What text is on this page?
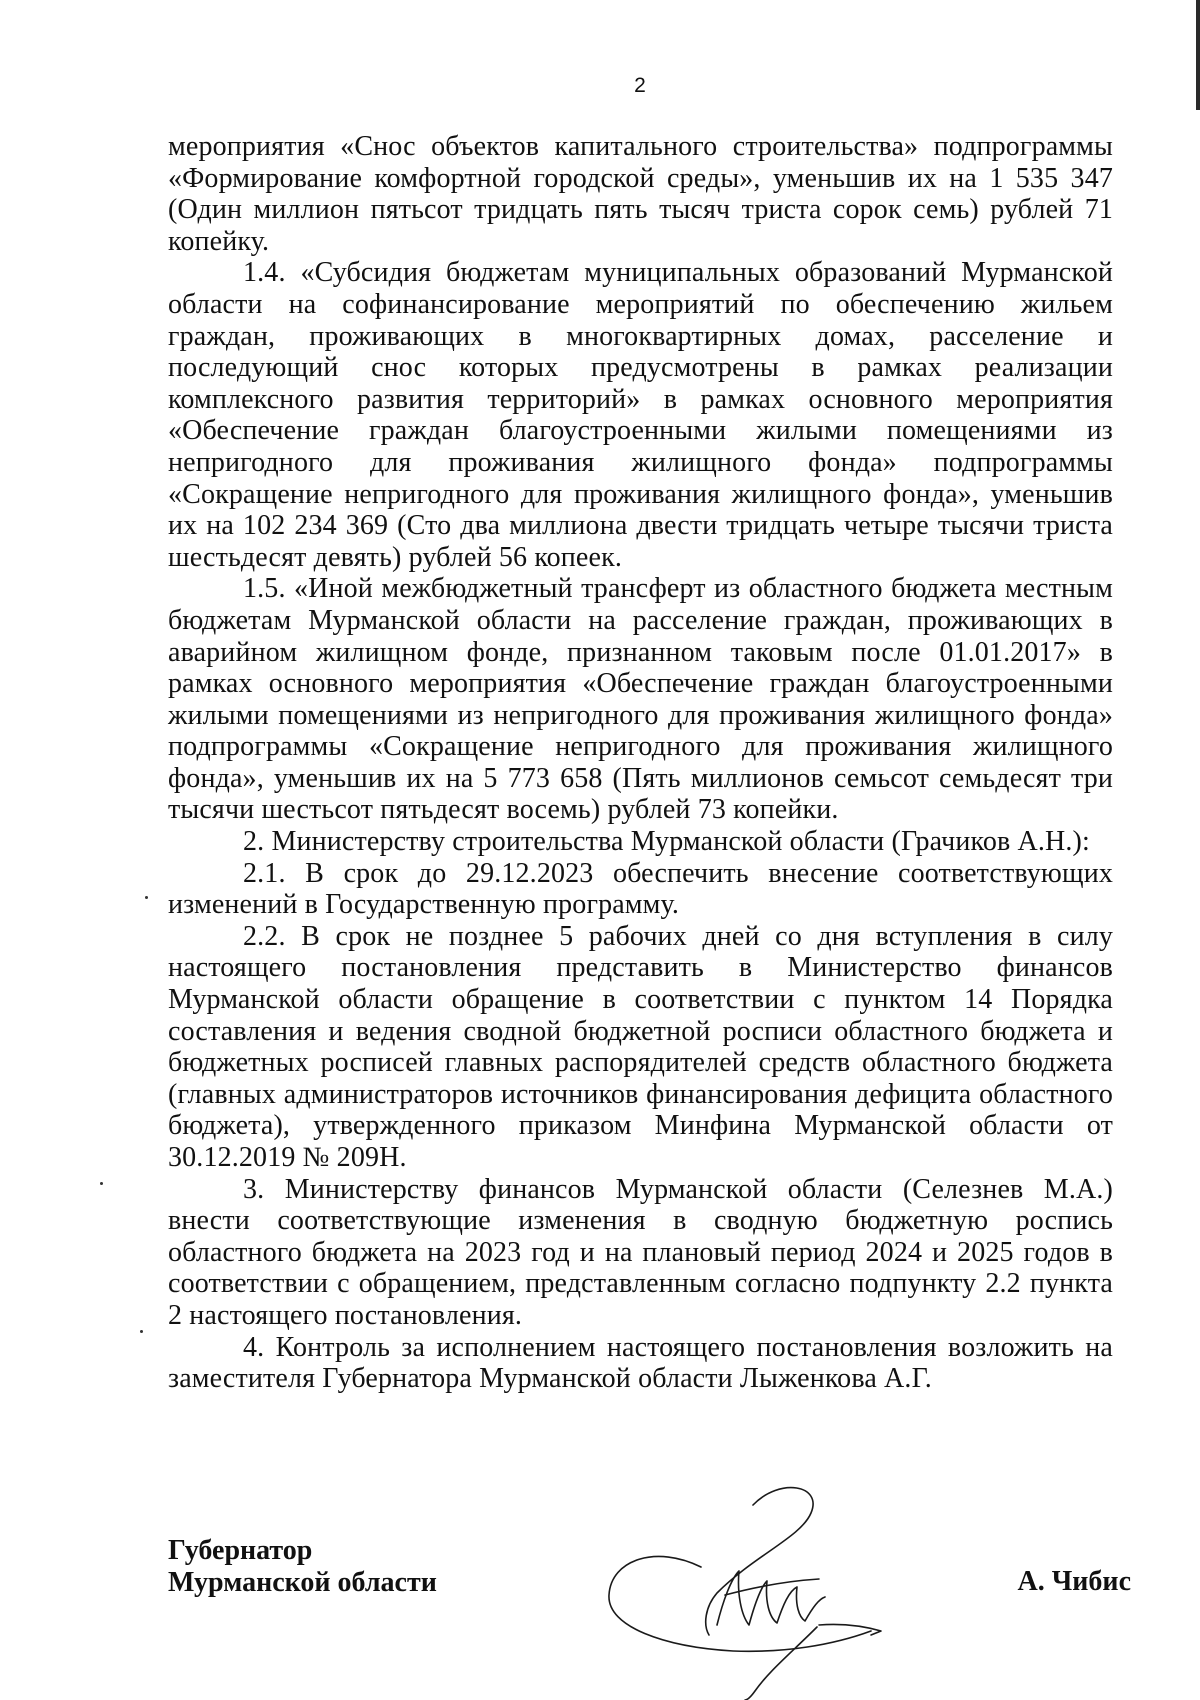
2

мероприятия «Снос объектов капитального строительства» подпрограммы «Формирование комфортной городской среды», уменьшив их на 1 535 347 (Один миллион пятьсот тридцать пять тысяч триста сорок семь) рублей 71 копейку.

1.4. «Субсидия бюджетам муниципальных образований Мурманской области на софинансирование мероприятий по обеспечению жильем граждан, проживающих в многоквартирных домах, расселение и последующий снос которых предусмотрены в рамках реализации комплексного развития территорий» в рамках основного мероприятия «Обеспечение граждан благоустроенными жилыми помещениями из непригодного для проживания жилищного фонда» подпрограммы «Сокращение непригодного для проживания жилищного фонда», уменьшив их на 102 234 369 (Сто два миллиона двести тридцать четыре тысячи триста шестьдесят девять) рублей 56 копеек.

1.5. «Иной межбюджетный трансферт из областного бюджета местным бюджетам Мурманской области на расселение граждан, проживающих в аварийном жилищном фонде, признанном таковым после 01.01.2017» в рамках основного мероприятия «Обеспечение граждан благоустроенными жилыми помещениями из непригодного для проживания жилищного фонда» подпрограммы «Сокращение непригодного для проживания жилищного фонда», уменьшив их на 5 773 658 (Пять миллионов семьсот семьдесят три тысячи шестьсот пятьдесят восемь) рублей 73 копейки.

2. Министерству строительства Мурманской области (Грачиков А.Н.):

2.1. В срок до 29.12.2023 обеспечить внесение соответствующих изменений в Государственную программу.

2.2. В срок не позднее 5 рабочих дней со дня вступления в силу настоящего постановления представить в Министерство финансов Мурманской области обращение в соответствии с пунктом 14 Порядка составления и ведения сводной бюджетной росписи областного бюджета и бюджетных росписей главных распорядителей средств областного бюджета (главных администраторов источников финансирования дефицита областного бюджета), утвержденного приказом Минфина Мурманской области от 30.12.2019 № 209Н.

3. Министерству финансов Мурманской области (Селезнев М.А.) внести соответствующие изменения в сводную бюджетную роспись областного бюджета на 2023 год и на плановый период 2024 и 2025 годов в соответствии с обращением, представленным согласно подпункту 2.2 пункта 2 настоящего постановления.

4. Контроль за исполнением настоящего постановления возложить на заместителя Губернатора Мурманской области Лыженкова А.Г.

Губернатор
Мурманской области	А. Чибис
